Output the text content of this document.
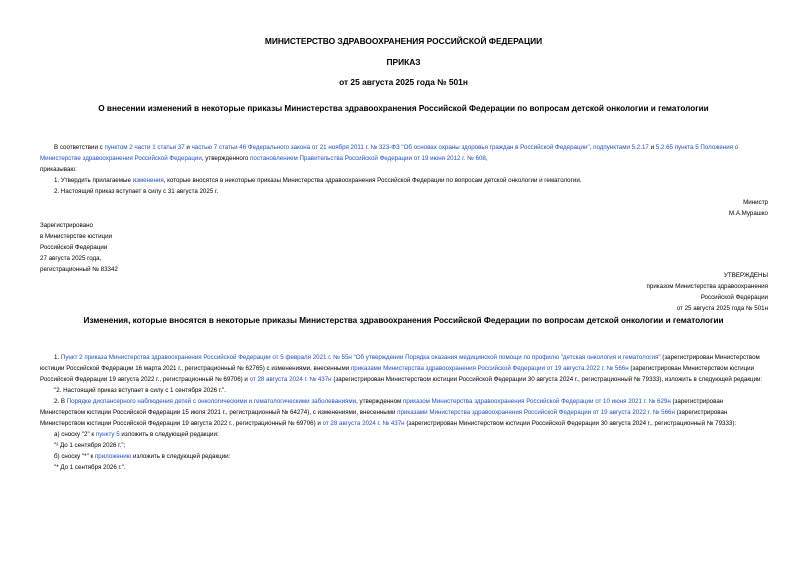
МИНИСТЕРСТВО ЗДРАВООХРАНЕНИЯ РОССИЙСКОЙ ФЕДЕРАЦИИ
ПРИКАЗ
от 25 августа 2025 года № 501н
О внесении изменений в некоторые приказы Министерства здравоохранения Российской Федерации по вопросам детской онкологии и гематологии

В соответствии с пунктом 2 части 1 статьи 37 и частью 7 статьи 46 Федерального закона от 21 ноября 2011 г. № 323-ФЗ "Об основах охраны здоровья граждан в Российской Федерации", подпунктами 5.2.17 и 5.2.65 пункта 5 Положения о Министерстве здравоохранения Российской Федерации, утвержденного постановлением Правительства Российской Федерации от 19 июня 2012 г. № 608,

приказываю:

1. Утвердить прилагаемые изменения, которые вносятся в некоторые приказы Министерства здравоохранения Российской Федерации по вопросам детской онкологии и гематологии.

2. Настоящий приказ вступает в силу с 31 августа 2025 г.

Министр
М.А.Мурашко
Зарегистрировано
в Министерстве юстиции
Российской Федерации
27 августа 2025 года,
регистрационный № 83342
УТВЕРЖДЕНЫ
приказом Министерства здравоохранения
Российской Федерации
от 25 августа 2025 года № 501н
Изменения, которые вносятся в некоторые приказы Министерства здравоохранения Российской Федерации по вопросам детской онкологии и гематологии

1. Пункт 2 приказа Министерства здравоохранения Российской Федерации от 5 февраля 2021 г. № 55н "Об утверждении Порядка оказания медицинской помощи по профилю "детская онкология и гематология" (зарегистрирован Министерством юстиции Российской Федерации 16 марта 2021 г., регистрационный № 62765) с изменениями, внесенными приказами Министерства здравоохранения Российской Федерации от 19 августа 2022 г. № 566н (зарегистрирован Министерством юстиции Российской Федерации 19 августа 2022 г., регистрационный № 69706) и от 28 августа 2024 г. № 437н (зарегистрирован Министерством юстиции Российской Федерации 30 августа 2024 г., регистрационный № 79333), изложить в следующей редакции:

"2. Настоящий приказ вступает в силу с 1 сентября 2026 г.".

2. В Порядке диспансерного наблюдения детей с онкологическими и гематологическими заболеваниями, утвержденном приказом Министерства здравоохранения Российской Федерации от 10 июня 2021 г. № 629н (зарегистрирован Министерством юстиции Российской Федерации 15 июля 2021 г., регистрационный № 64274), с изменениями, внесенными приказами Министерства здравоохранения Российской Федерации от 19 августа 2022 г. № 566н (зарегистрирован Министерством юстиции Российской Федерации 19 августа 2022 г., регистрационный № 69706) и от 28 августа 2024 г. № 437н (зарегистрирован Министерством юстиции Российской Федерации 30 августа 2024 г., регистрационный № 79333):

а) сноску "2" к пункту 5 изложить в следующей редакции:

"² До 1 сентября 2026 г.";

б) сноску "*" к приложению изложить в следующей редакции:

"* До 1 сентября 2026 г.".
